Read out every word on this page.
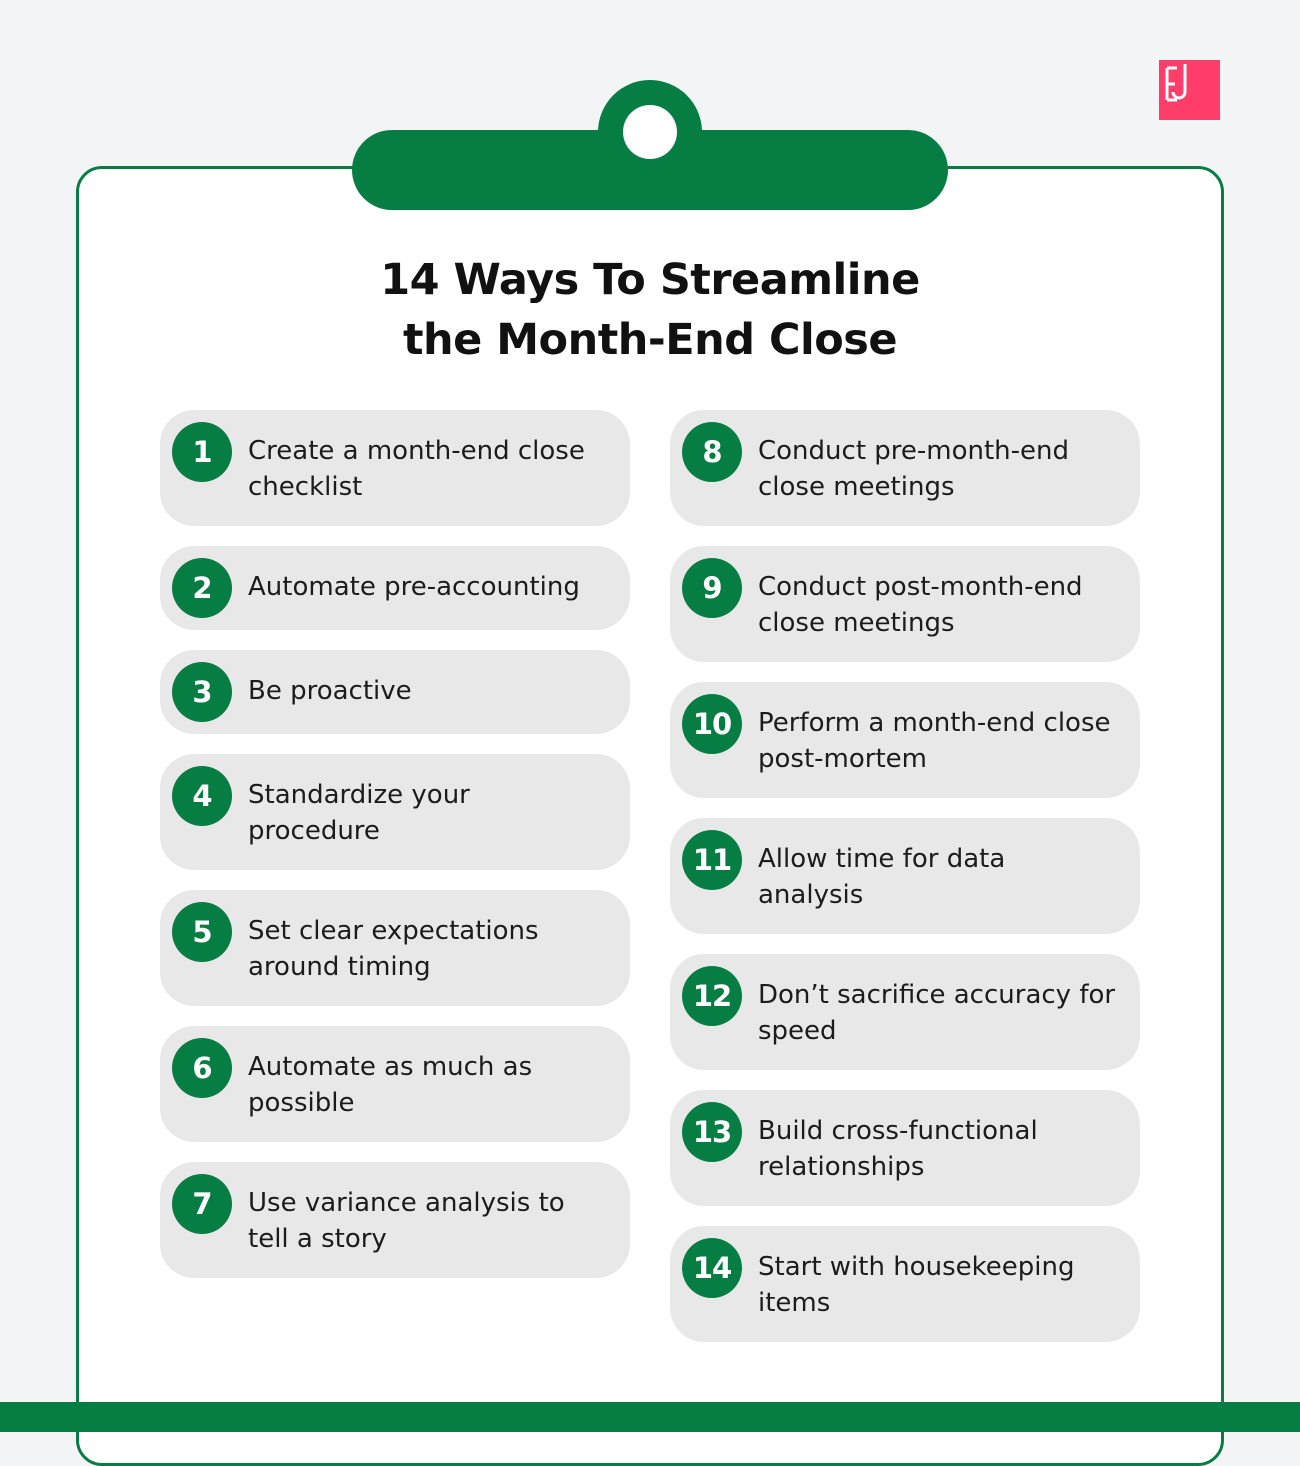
14 Ways To Streamline
the Month-End Close
1	Create a month-end close checklist
2	Automate pre-accounting
3	Be proactive
4	Standardize your procedure
5	Set clear expectations around timing
6	Automate as much as possible
7	Use variance analysis to tell a story
8	Conduct pre-month-end close meetings
9	Conduct post-month-end close meetings
10	Perform a month-end close post-mortem
11	Allow time for data analysis
12	Don’t sacrifice accuracy for speed
13	Build cross-functional relationships
14	Start with housekeeping items
